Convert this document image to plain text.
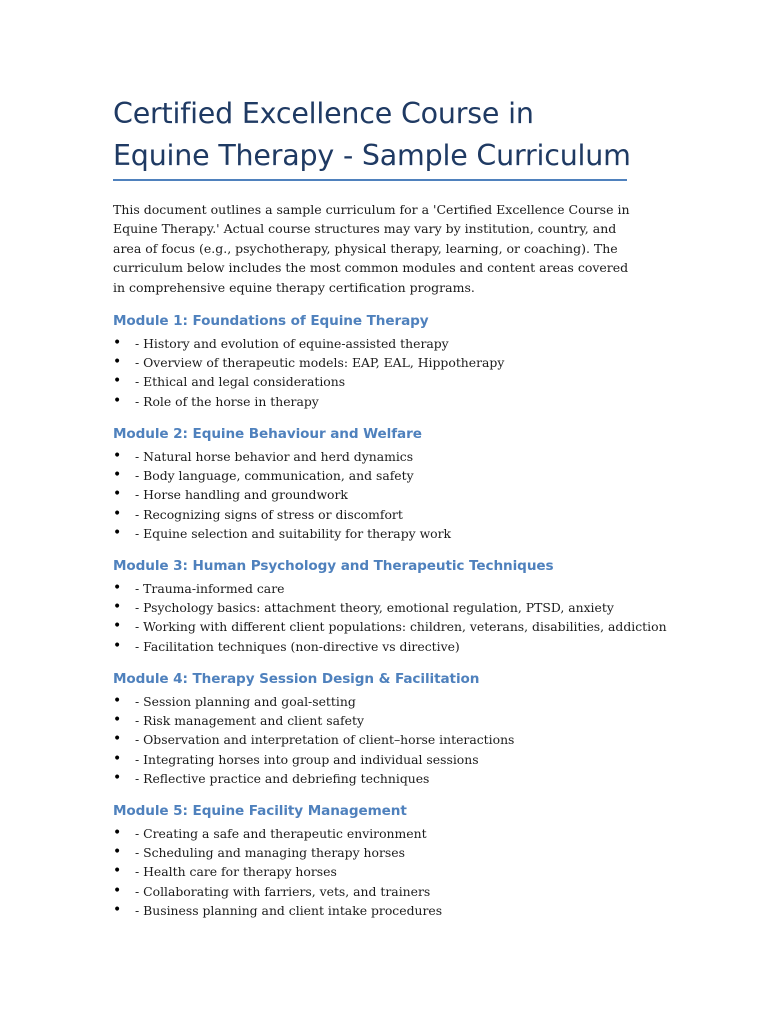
Certified Excellence Course in Equine Therapy - Sample Curriculum

This document outlines a sample curriculum for a 'Certified Excellence Course in Equine Therapy.' Actual course structures may vary by institution, country, and area of focus (e.g., psychotherapy, physical therapy, learning, or coaching). The curriculum below includes the most common modules and content areas covered in comprehensive equine therapy certification programs.

Module 1: Foundations of Equine Therapy
• - History and evolution of equine-assisted therapy
• - Overview of therapeutic models: EAP, EAL, Hippotherapy
• - Ethical and legal considerations
• - Role of the horse in therapy
Module 2: Equine Behaviour and Welfare
• - Natural horse behavior and herd dynamics
• - Body language, communication, and safety
• - Horse handling and groundwork
• - Recognizing signs of stress or discomfort
• - Equine selection and suitability for therapy work
Module 3: Human Psychology and Therapeutic Techniques
• - Trauma-informed care
• - Psychology basics: attachment theory, emotional regulation, PTSD, anxiety
• - Working with different client populations: children, veterans, disabilities, addiction
• - Facilitation techniques (non-directive vs directive)
Module 4: Therapy Session Design & Facilitation
• - Session planning and goal-setting
• - Risk management and client safety
• - Observation and interpretation of client–horse interactions
• - Integrating horses into group and individual sessions
• - Reflective practice and debriefing techniques
Module 5: Equine Facility Management
• - Creating a safe and therapeutic environment
• - Scheduling and managing therapy horses
• - Health care for therapy horses
• - Collaborating with farriers, vets, and trainers
• - Business planning and client intake procedures
